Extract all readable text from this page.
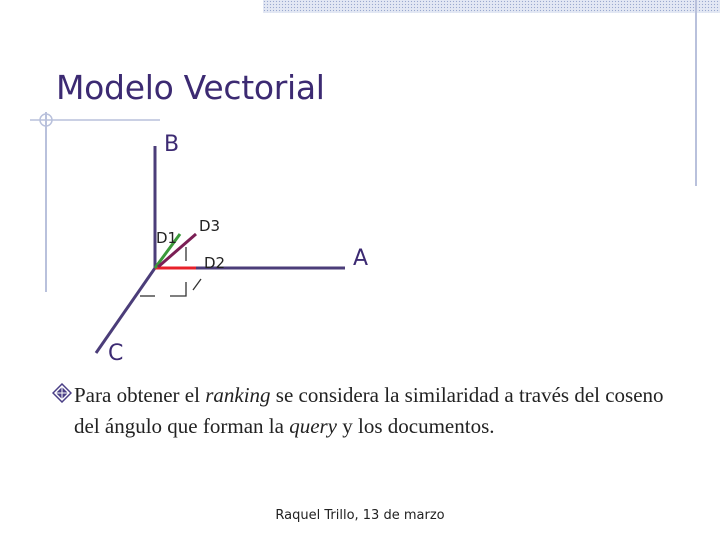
Modelo Vectorial
B
A
C
D1
D3
D2
Para obtener el ranking se considera la similaridad a través del coseno del ángulo que forman la query y los documentos.
Raquel Trillo, 13 de marzo
